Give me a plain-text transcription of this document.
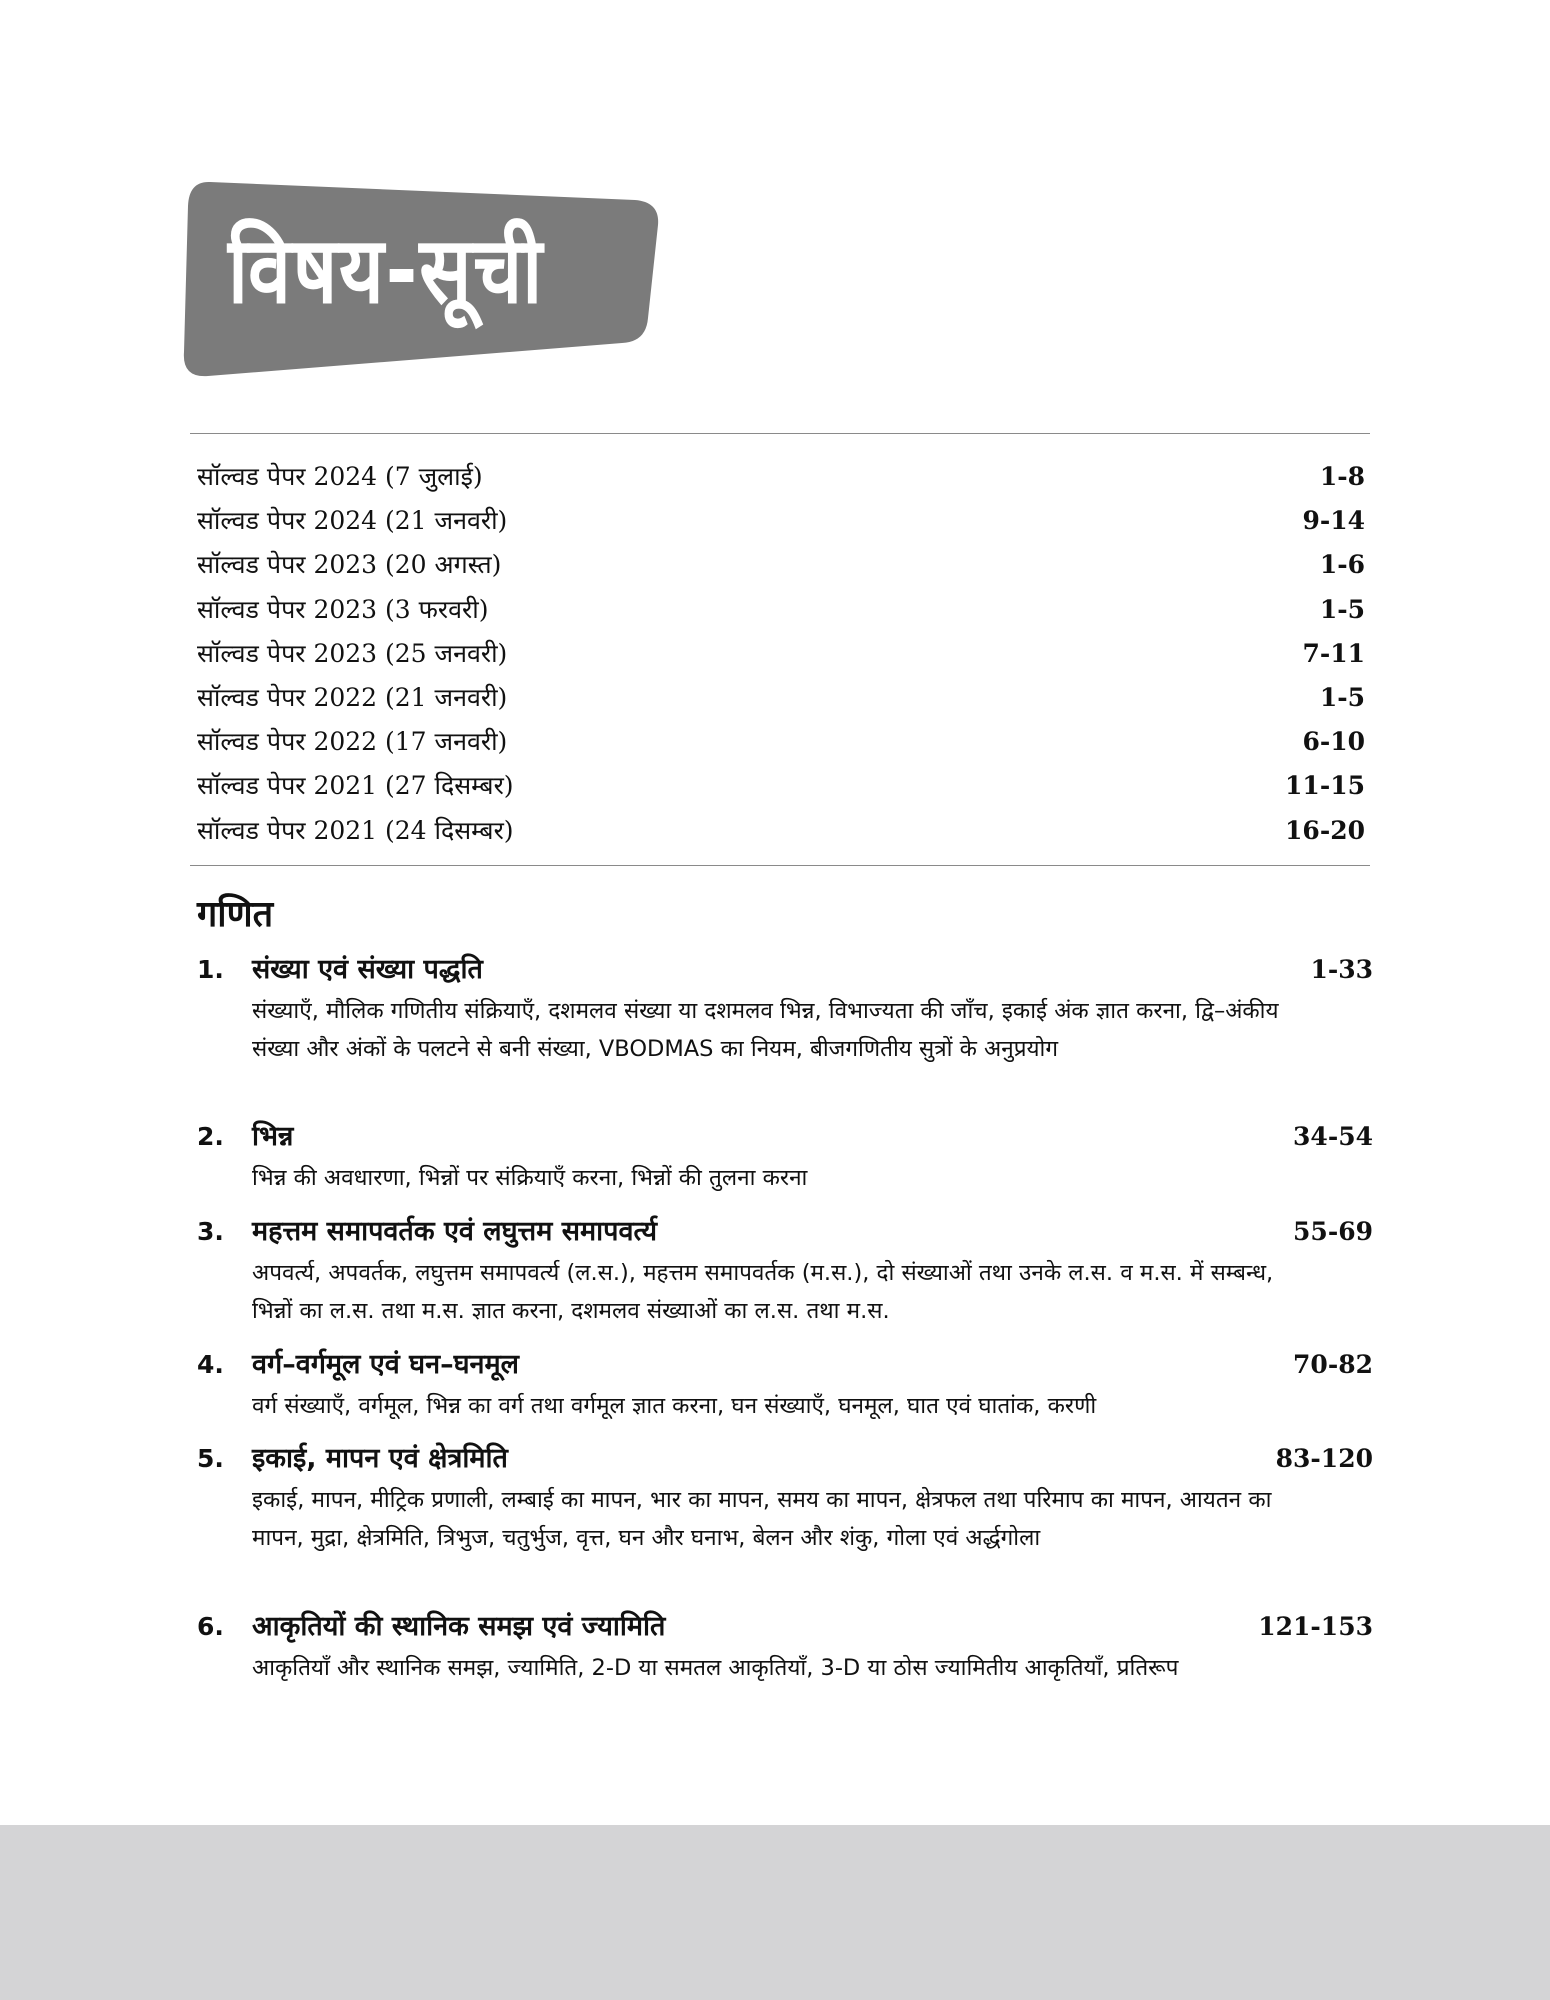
विषय-सूची
सॉल्वड पेपर 2024 (7 जुलाई)	1-8
सॉल्वड पेपर 2024 (21 जनवरी)	9-14
सॉल्वड पेपर 2023 (20 अगस्त)	1-6
सॉल्वड पेपर 2023 (3 फरवरी)	1-5
सॉल्वड पेपर 2023 (25 जनवरी)	7-11
सॉल्वड पेपर 2022 (21 जनवरी)	1-5
सॉल्वड पेपर 2022 (17 जनवरी)	6-10
सॉल्वड पेपर 2021 (27 दिसम्बर)	11-15
सॉल्वड पेपर 2021 (24 दिसम्बर)	16-20
गणित
1. संख्या एवं संख्या पद्धति	1-33
संख्याएँ, मौलिक गणितीय संक्रियाएँ, दशमलव संख्या या दशमलव भिन्न, विभाज्यता की जाँच, इकाई अंक ज्ञात करना, द्वि–अंकीय संख्या और अंकों के पलटने से बनी संख्या, VBODMAS का नियम, बीजगणितीय सुत्रों के अनुप्रयोग
2. भिन्न	34-54
भिन्न की अवधारणा, भिन्नों पर संक्रियाएँ करना, भिन्नों की तुलना करना
3. महत्तम समापवर्तक एवं लघुत्तम समापवर्त्य	55-69
अपवर्त्य, अपवर्तक, लघुत्तम समापवर्त्य (ल.स.), महत्तम समापवर्तक (म.स.), दो संख्याओं तथा उनके ल.स. व म.स. में सम्बन्ध, भिन्नों का ल.स. तथा म.स. ज्ञात करना, दशमलव संख्याओं का ल.स. तथा म.स.
4. वर्ग–वर्गमूल एवं घन–घनमूल	70-82
वर्ग संख्याएँ, वर्गमूल, भिन्न का वर्ग तथा वर्गमूल ज्ञात करना, घन संख्याएँ, घनमूल, घात एवं घातांक, करणी
5. इकाई, मापन एवं क्षेत्रमिति	83-120
इकाई, मापन, मीट्रिक प्रणाली, लम्बाई का मापन, भार का मापन, समय का मापन, क्षेत्रफल तथा परिमाप का मापन, आयतन का मापन, मुद्रा, क्षेत्रमिति, त्रिभुज, चतुर्भुज, वृत्त, घन और घनाभ, बेलन और शंकु, गोला एवं अर्द्धगोला
6. आकृतियों की स्थानिक समझ एवं ज्यामिति	121-153
आकृतियाँ और स्थानिक समझ, ज्यामिति, 2-D या समतल आकृतियाँ, 3-D या ठोस ज्यामितीय आकृतियाँ, प्रतिरूप
